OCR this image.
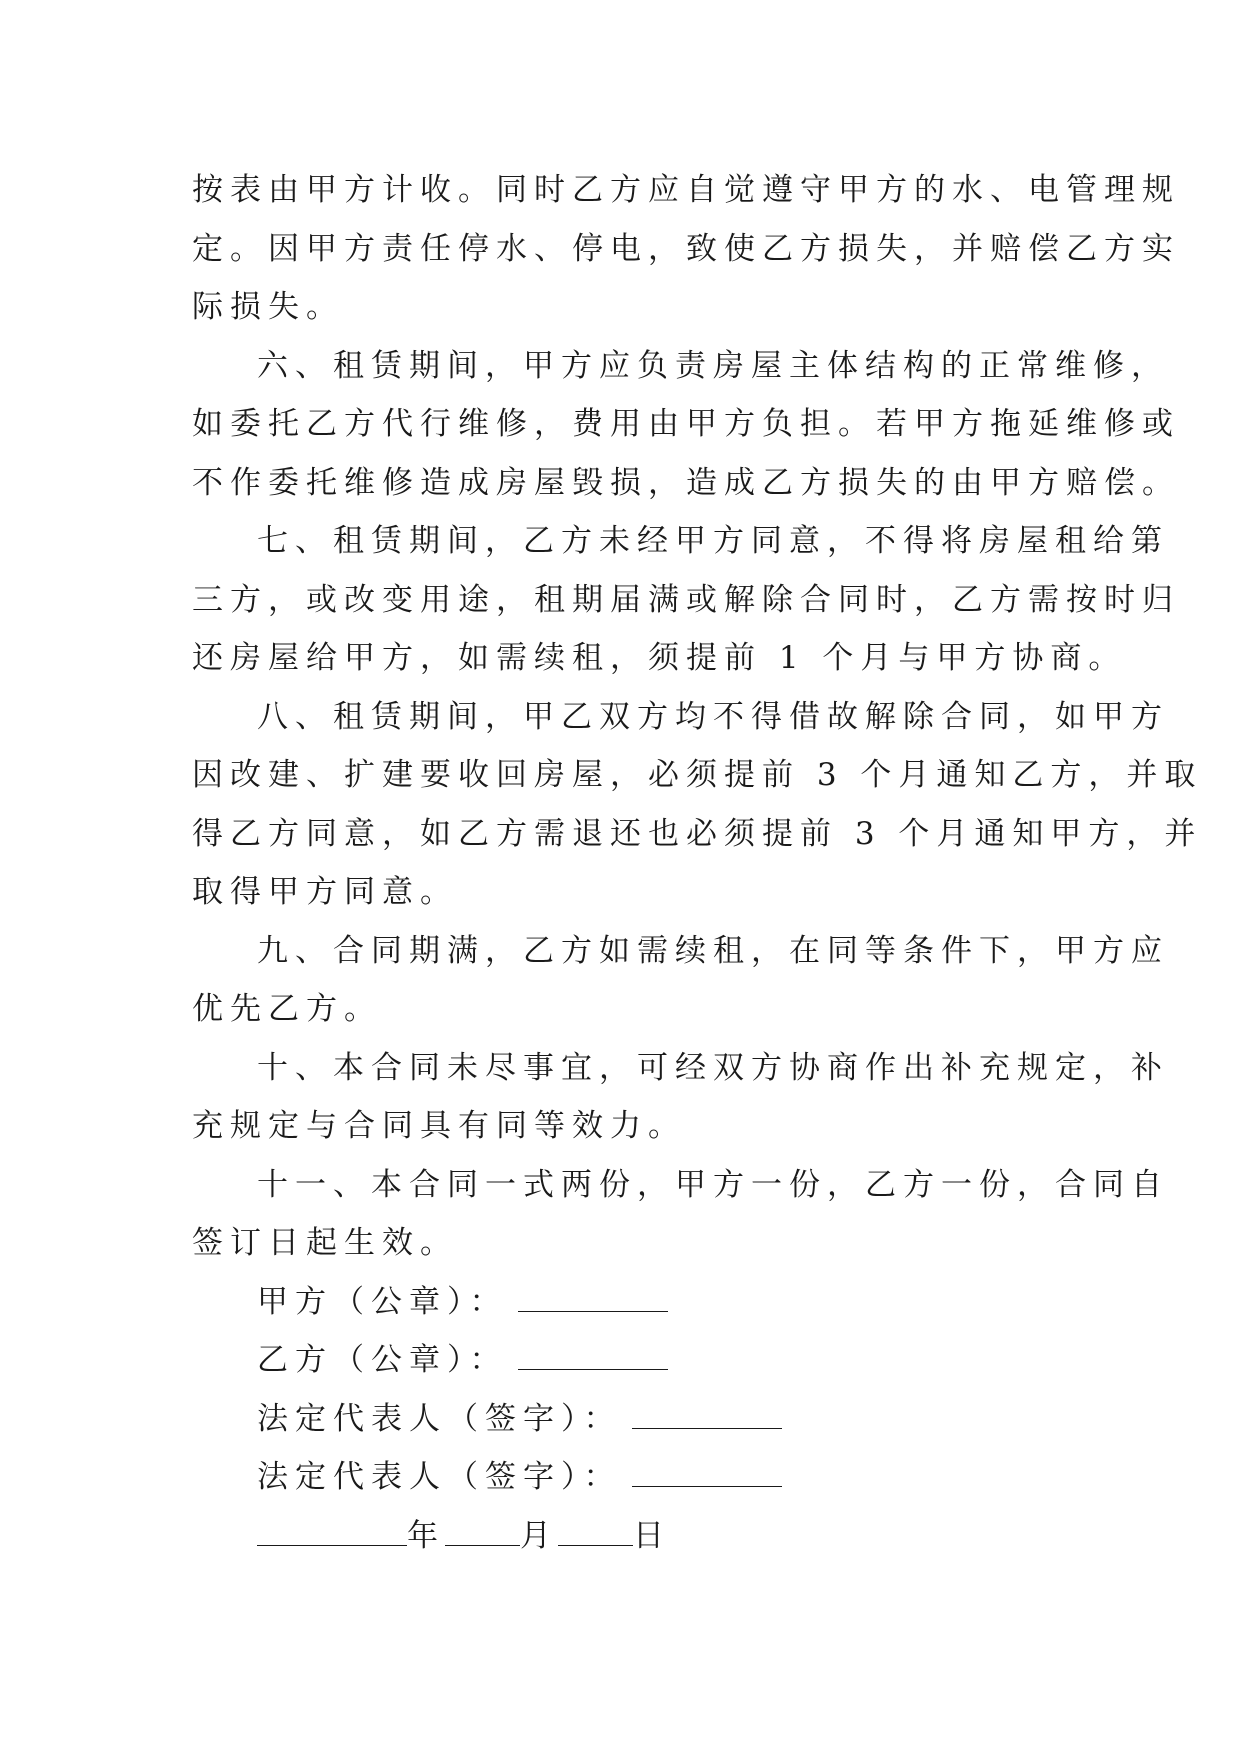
按表由甲方计收。同时乙方应自觉遵守甲方的水、电管理规
定。因甲方责任停水、停电，致使乙方损失，并赔偿乙方实
际损失。
六、租赁期间，甲方应负责房屋主体结构的正常维修，
如委托乙方代行维修，费用由甲方负担。若甲方拖延维修或
不作委托维修造成房屋毁损，造成乙方损失的由甲方赔偿。
七、租赁期间，乙方未经甲方同意，不得将房屋租给第
三方，或改变用途，租期届满或解除合同时，乙方需按时归
还房屋给甲方，如需续租，须提前 1 个月与甲方协商。
八、租赁期间，甲乙双方均不得借故解除合同，如甲方
因改建、扩建要收回房屋，必须提前 3 个月通知乙方，并取
得乙方同意，如乙方需退还也必须提前 3 个月通知甲方，并
取得甲方同意。
九、合同期满，乙方如需续租，在同等条件下，甲方应
优先乙方。
十、本合同未尽事宜，可经双方协商作出补充规定，补
充规定与合同具有同等效力。
十一、本合同一式两份，甲方一份，乙方一份，合同自
签订日起生效。
甲方（公章）：
乙方（公章）：
法定代表人（签字）：
法定代表人（签字）：
年 月 日
